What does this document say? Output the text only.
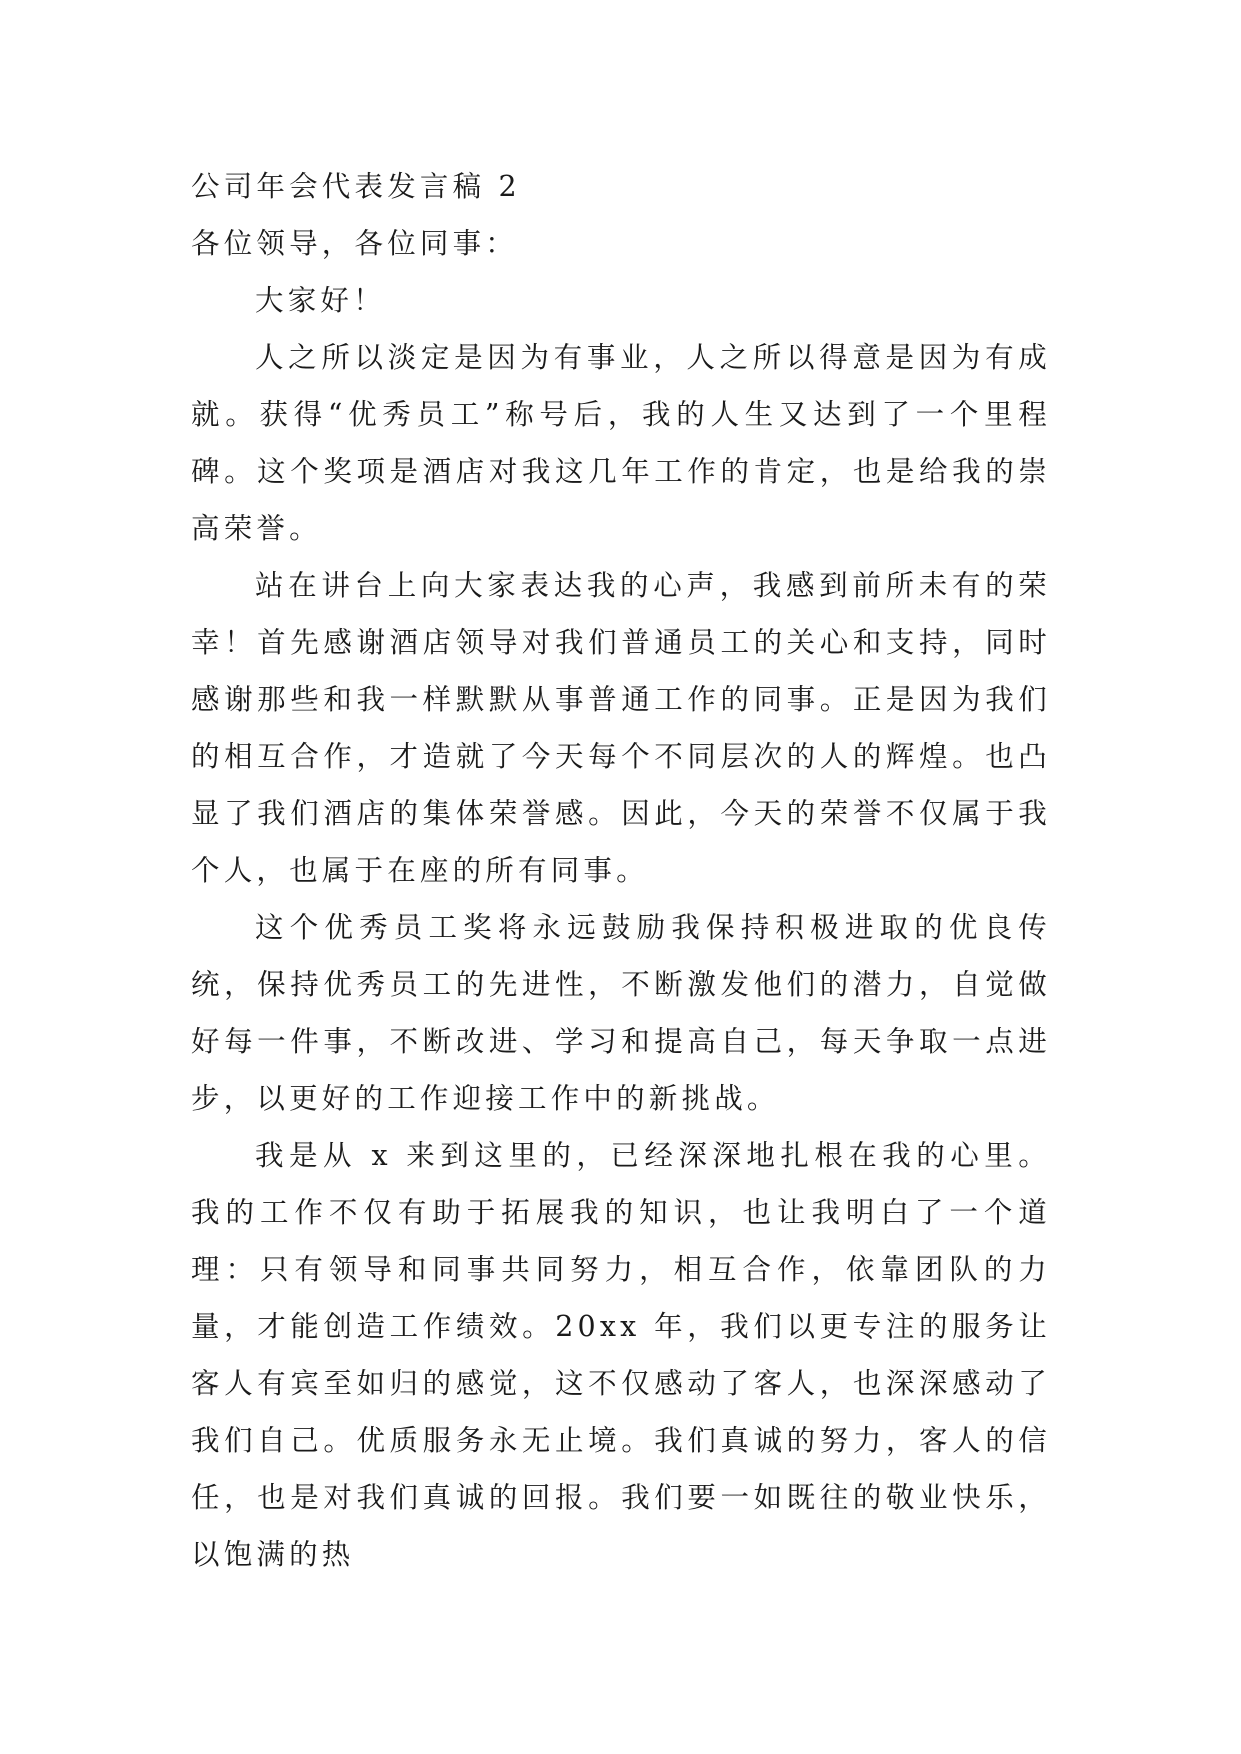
公司年会代表发言稿 2

各位领导，各位同事：

大家好！

人之所以淡定是因为有事业，人之所以得意是因为有成就。获得“优秀员工”称号后，我的人生又达到了一个里程碑。这个奖项是酒店对我这几年工作的肯定，也是给我的崇高荣誉。

站在讲台上向大家表达我的心声，我感到前所未有的荣幸！首先感谢酒店领导对我们普通员工的关心和支持，同时感谢那些和我一样默默从事普通工作的同事。正是因为我们的相互合作，才造就了今天每个不同层次的人的辉煌。也凸显了我们酒店的集体荣誉感。因此，今天的荣誉不仅属于我个人，也属于在座的所有同事。

这个优秀员工奖将永远鼓励我保持积极进取的优良传统，保持优秀员工的先进性，不断激发他们的潜力，自觉做好每一件事，不断改进、学习和提高自己，每天争取一点进步，以更好的工作迎接工作中的新挑战。

我是从 x 来到这里的，已经深深地扎根在我的心里。我的工作不仅有助于拓展我的知识，也让我明白了一个道理：只有领导和同事共同努力，相互合作，依靠团队的力量，才能创造工作绩效。20xx 年，我们以更专注的服务让客人有宾至如归的感觉，这不仅感动了客人，也深深感动了我们自己。优质服务永无止境。我们真诚的努力，客人的信任，也是对我们真诚的回报。我们要一如既往的敬业快乐，以饱满的热
